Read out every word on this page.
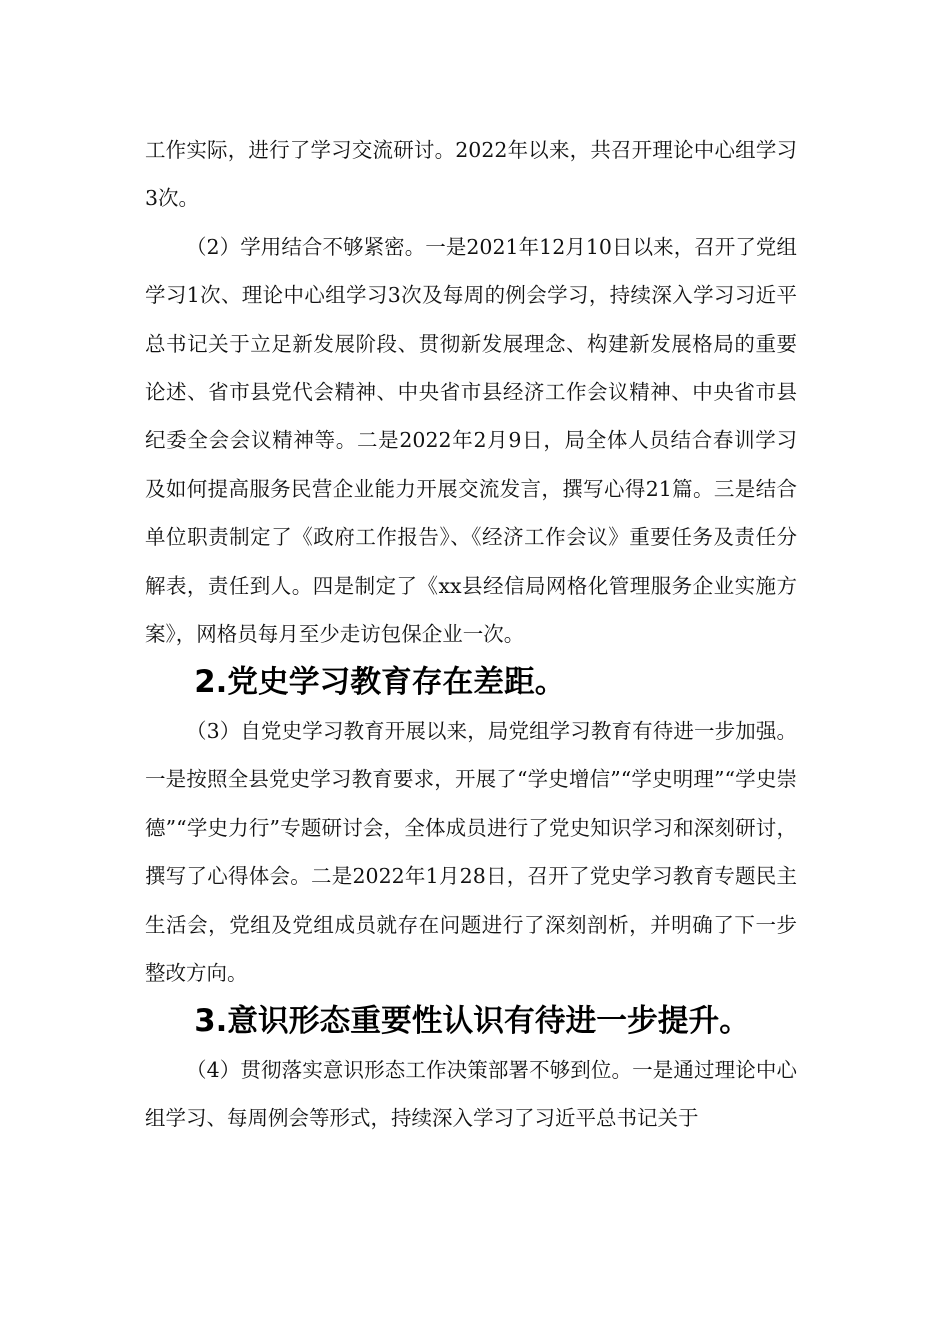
工作实际，进行了学习交流研讨。2022年以来，共召开理论中心组学习3次。

（2）学用结合不够紧密。一是2021年12月10日以来，召开了党组学习1次、理论中心组学习3次及每周的例会学习，持续深入学习习近平总书记关于立足新发展阶段、贯彻新发展理念、构建新发展格局的重要论述、省市县党代会精神、中央省市县经济工作会议精神、中央省市县纪委全会会议精神等。二是2022年2月9日，局全体人员结合春训学习及如何提高服务民营企业能力开展交流发言，撰写心得21篇。三是结合单位职责制定了《政府工作报告》、《经济工作会议》重要任务及责任分解表，责任到人。四是制定了《xx县经信局网格化管理服务企业实施方案》，网格员每月至少走访包保企业一次。

2.党史学习教育存在差距。

（3）自党史学习教育开展以来，局党组学习教育有待进一步加强。一是按照全县党史学习教育要求，开展了“学史增信”“学史明理”“学史崇德”“学史力行”专题研讨会，全体成员进行了党史知识学习和深刻研讨，撰写了心得体会。二是2022年1月28日，召开了党史学习教育专题民主生活会，党组及党组成员就存在问题进行了深刻剖析，并明确了下一步整改方向。

3.意识形态重要性认识有待进一步提升。

（4）贯彻落实意识形态工作决策部署不够到位。一是通过理论中心组学习、每周例会等形式，持续深入学习了习近平总书记关于
